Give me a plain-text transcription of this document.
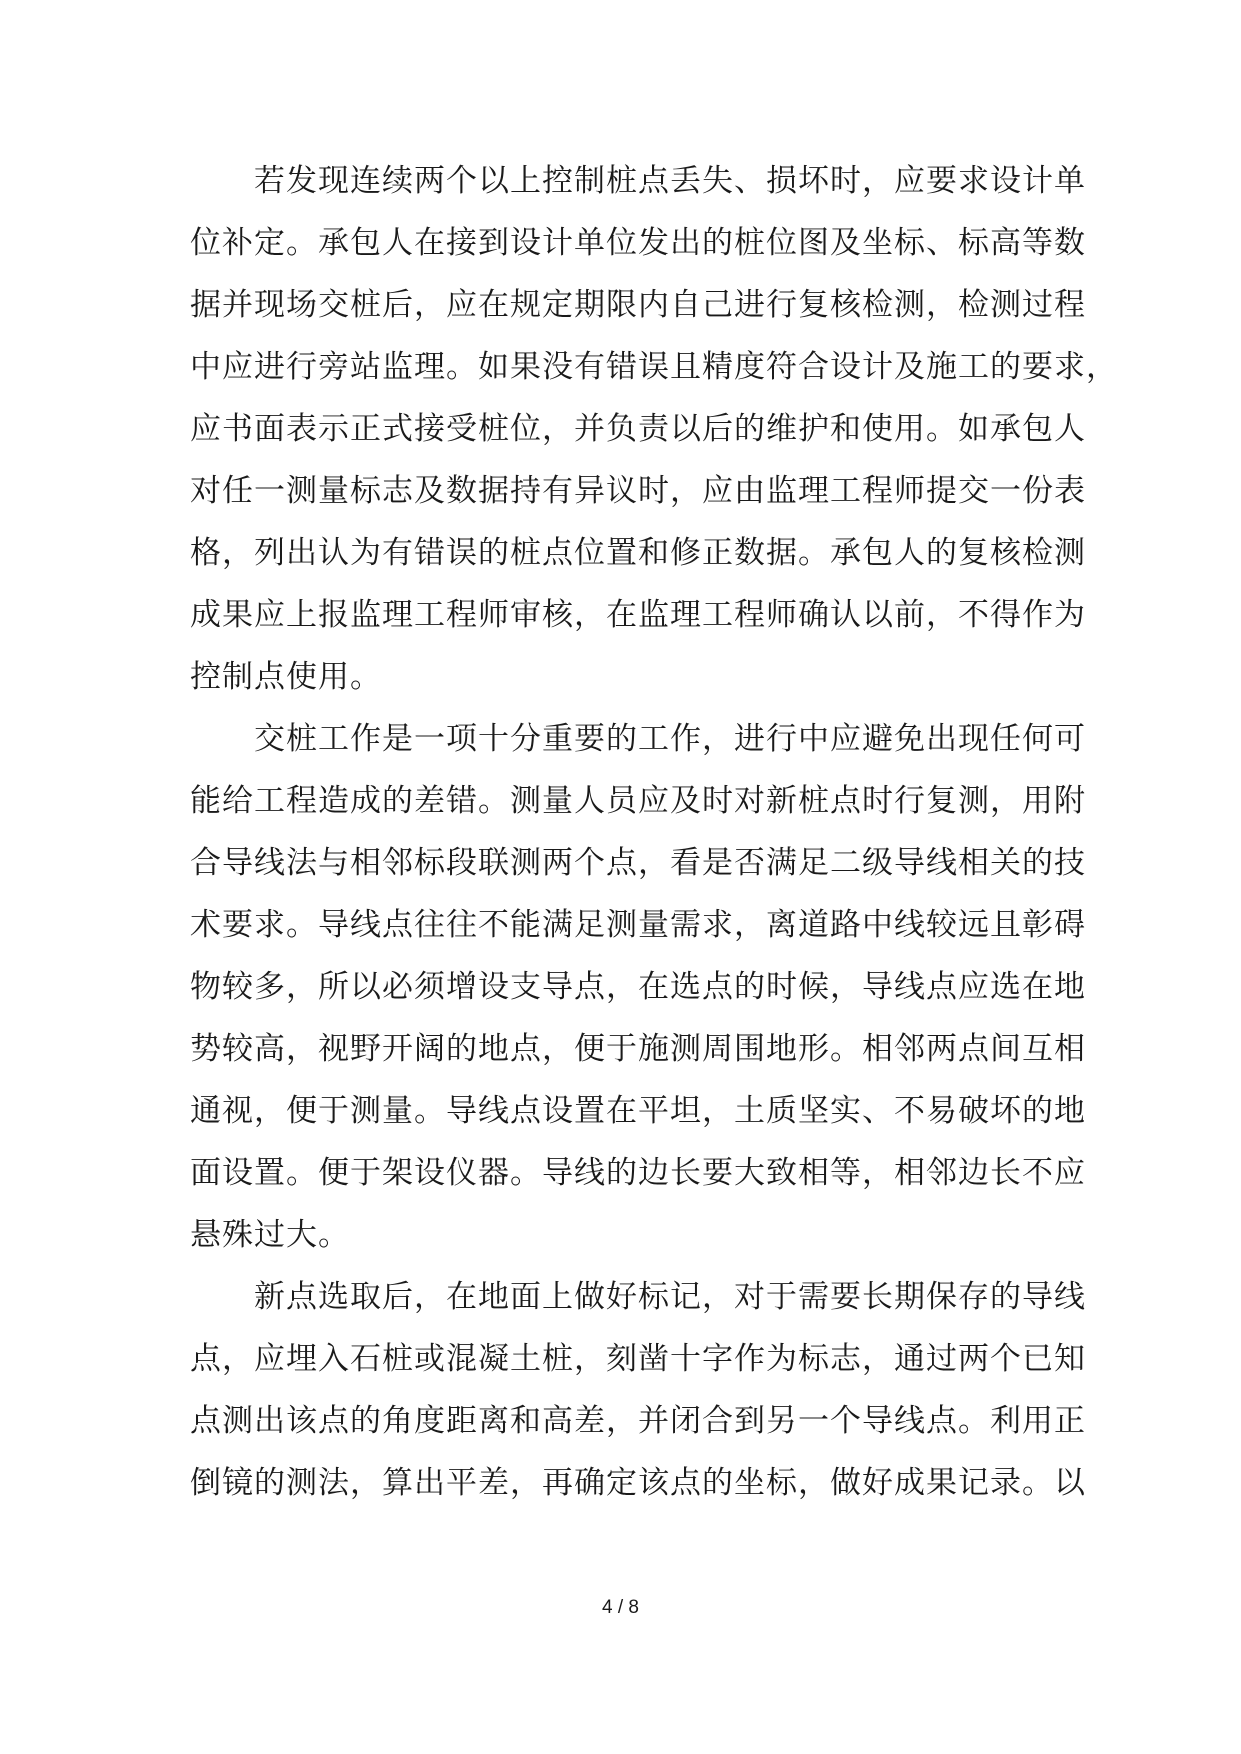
若发现连续两个以上控制桩点丢失、损坏时，应要求设计单
位补定。承包人在接到设计单位发出的桩位图及坐标、标高等数
据并现场交桩后，应在规定期限内自己进行复核检测，检测过程
中应进行旁站监理。如果没有错误且精度符合设计及施工的要求，
应书面表示正式接受桩位，并负责以后的维护和使用。如承包人
对任一测量标志及数据持有异议时，应由监理工程师提交一份表
格，列出认为有错误的桩点位置和修正数据。承包人的复核检测
成果应上报监理工程师审核，在监理工程师确认以前，不得作为
控制点使用。
交桩工作是一项十分重要的工作，进行中应避免出现任何可
能给工程造成的差错。测量人员应及时对新桩点时行复测，用附
合导线法与相邻标段联测两个点，看是否满足二级导线相关的技
术要求。导线点往往不能满足测量需求，离道路中线较远且彰碍
物较多，所以必须增设支导点，在选点的时候，导线点应选在地
势较高，视野开阔的地点，便于施测周围地形。相邻两点间互相
通视，便于测量。导线点设置在平坦，土质坚实、不易破坏的地
面设置。便于架设仪器。导线的边长要大致相等，相邻边长不应
悬殊过大。
新点选取后，在地面上做好标记，对于需要长期保存的导线
点，应埋入石桩或混凝土桩，刻凿十字作为标志，通过两个已知
点测出该点的角度距离和高差，并闭合到另一个导线点。利用正
倒镜的测法，算出平差，再确定该点的坐标，做好成果记录。以
4 / 8
